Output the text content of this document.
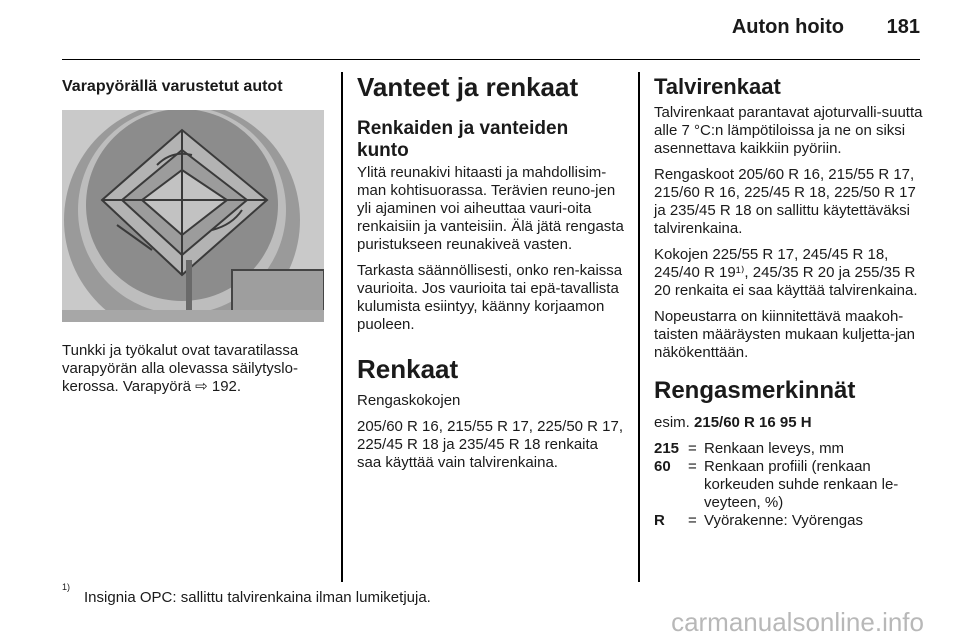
Auton hoito 181
Varapyörällä varustetut autot

Tunkki ja työkalut ovat tavaratilassa varapyörän alla olevassa säilytyslo-kerossa. Varapyörä ⇨ 192.

Vanteet ja renkaat
Renkaiden ja vanteiden kunto

Ylitä reunakivi hitaasti ja mahdollisim-man kohtisuorassa. Terävien reuno-jen yli ajaminen voi aiheuttaa vauri-oita renkaisiin ja vanteisiin. Älä jätä rengasta puristukseen reunakiveä vasten.

Tarkasta säännöllisesti, onko ren-kaissa vaurioita. Jos vaurioita tai epä-tavallista kulumista esiintyy, käänny korjaamon puoleen.

Renkaat

Rengaskokojen

205/60 R 16, 215/55 R 17, 225/50 R 17, 225/45 R 18 ja 235/45 R 18 renkaita saa käyttää vain talvirenkaina.

Talvirenkaat

Talvirenkaat parantavat ajoturvalli-suutta alle 7 °C:n lämpötiloissa ja ne on siksi asennettava kaikkiin pyöriin.

Rengaskoot 205/60 R 16, 215/55 R 17, 215/60 R 16, 225/45 R 18, 225/50 R 17 ja 235/45 R 18 on sallittu käytettäväksi talvirenkaina.

Kokojen 225/55 R 17, 245/45 R 18, 245/40 R 19¹⁾, 245/35 R 20 ja 255/35 R 20 renkaita ei saa käyttää talvirenkaina.

Nopeustarra on kiinnitettävä maakoh-taisten määräysten mukaan kuljetta-jan näkökenttään.

Rengasmerkinnät

esim. 215/60 R 16 95 H

215 = Renkaan leveys, mm
60	= Renkaan profiili (renkaan korkeuden suhde renkaan le-veyteen, %)
R	= Vyörakenne: Vyörengas
$^{1)}$Insignia OPC: sallittu talvirenkaina ilman lumiketjuja.
carmanualsonline.info
